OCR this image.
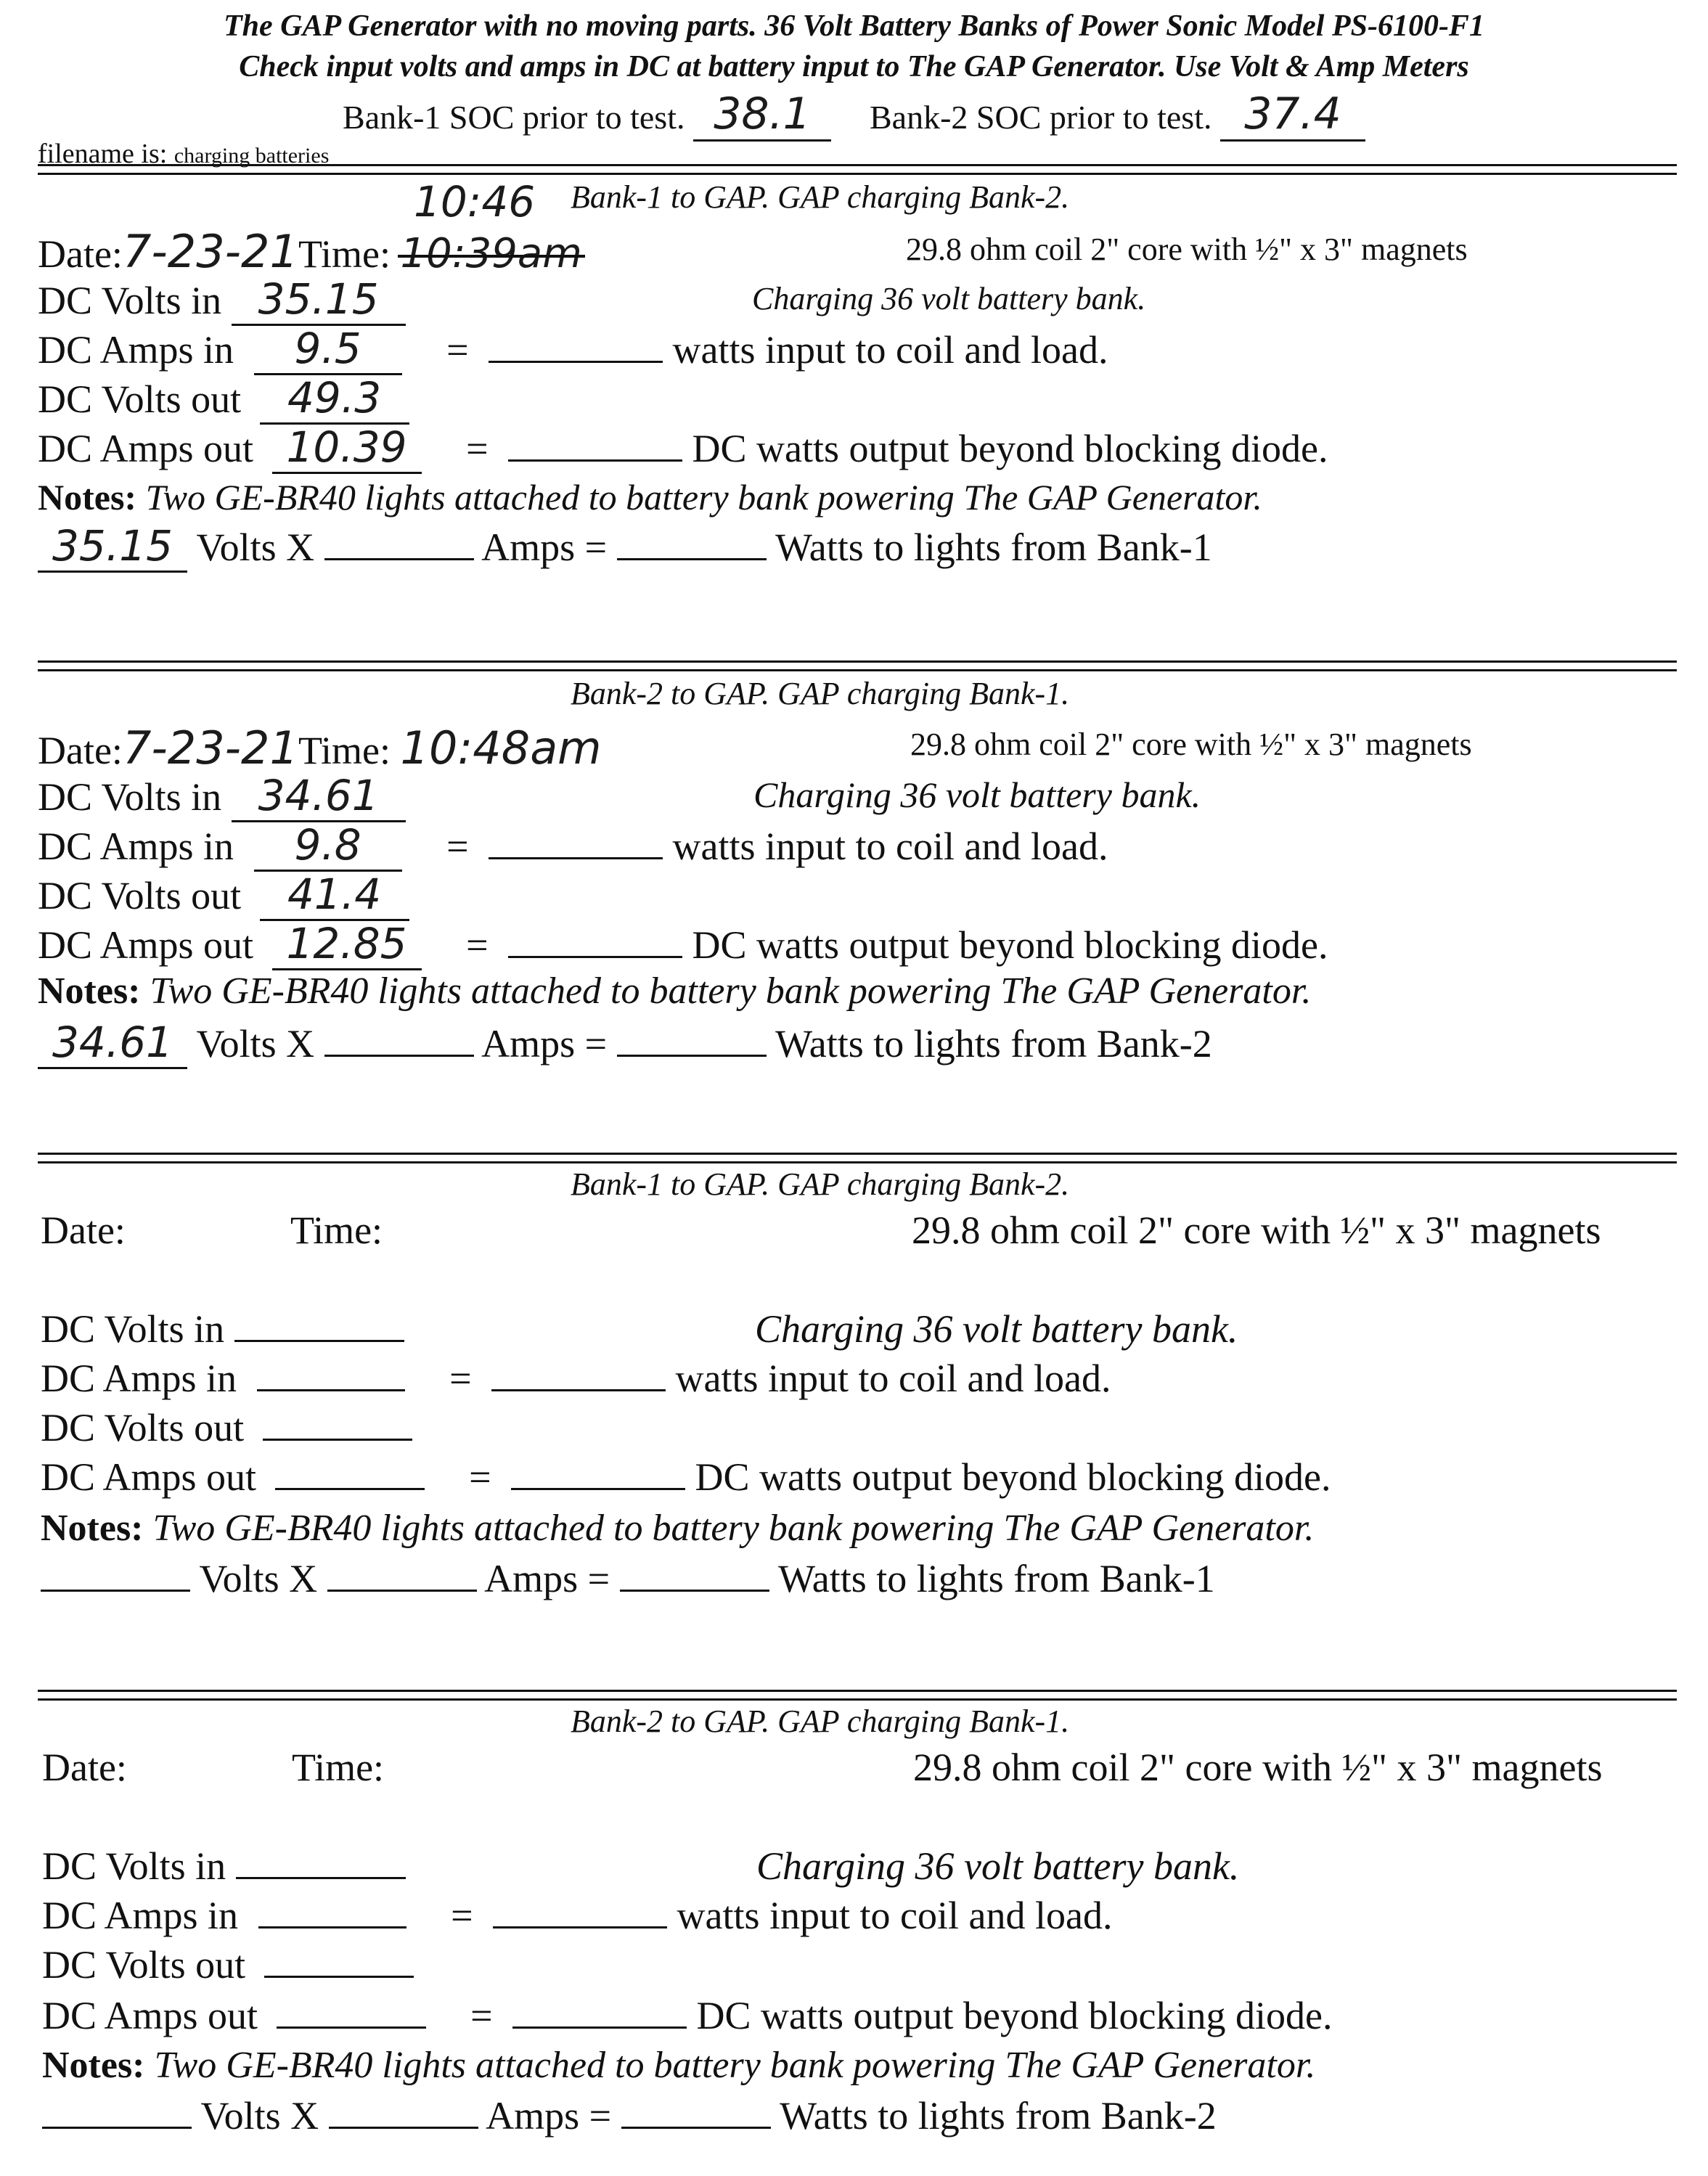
The GAP Generator with no moving parts. 36 Volt Battery Banks of Power Sonic Model PS-6100-F1
Check input volts and amps in DC at battery input to The GAP Generator. Use Volt & Amp Meters
Bank-1 SOC prior to test. 38.1 Bank-2 SOC prior to test. 37.4
filename is: charging batteries
Bank-1 to GAP. GAP charging Bank-2.
10:46
Date:7-23-21Time: 10:39am	29.8 ohm coil 2" core with ½" x 3" magnets
DC Volts in 35.15	Charging 36 volt battery bank.
DC Amps in 9.5 =	watts input to coil and load.
DC Volts out 49.3
DC Amps out 10.39 =	DC watts output beyond blocking diode.
Notes: Two GE-BR40 lights attached to battery bank powering The GAP Generator.
35.15 Volts X	Amps =	Watts to lights from Bank-1
Bank-2 to GAP. GAP charging Bank-1.
Date:7-23-21Time: 10:48am	29.8 ohm coil 2" core with ½" x 3" magnets
DC Volts in 34.61	Charging 36 volt battery bank.
DC Amps in 9.8 =	watts input to coil and load.
DC Volts out 41.4
DC Amps out 12.85 =	DC watts output beyond blocking diode.
Notes: Two GE-BR40 lights attached to battery bank powering The GAP Generator.
34.61 Volts X	Amps =	Watts to lights from Bank-2
Bank-1 to GAP. GAP charging Bank-2.
Date:	Time:	29.8 ohm coil 2" core with ½" x 3" magnets
DC Volts in	Charging 36 volt battery bank.
DC Amps in	=	watts input to coil and load.
DC Volts out
DC Amps out	=	DC watts output beyond blocking diode.
Notes: Two GE-BR40 lights attached to battery bank powering The GAP Generator.
Volts X	Amps =	Watts to lights from Bank-1
Bank-2 to GAP. GAP charging Bank-1.
Date:	Time:	29.8 ohm coil 2" core with ½" x 3" magnets
DC Volts in	Charging 36 volt battery bank.
DC Amps in	=	watts input to coil and load.
DC Volts out
DC Amps out	=	DC watts output beyond blocking diode.
Notes: Two GE-BR40 lights attached to battery bank powering The GAP Generator.
Volts X	Amps =	Watts to lights from Bank-2
